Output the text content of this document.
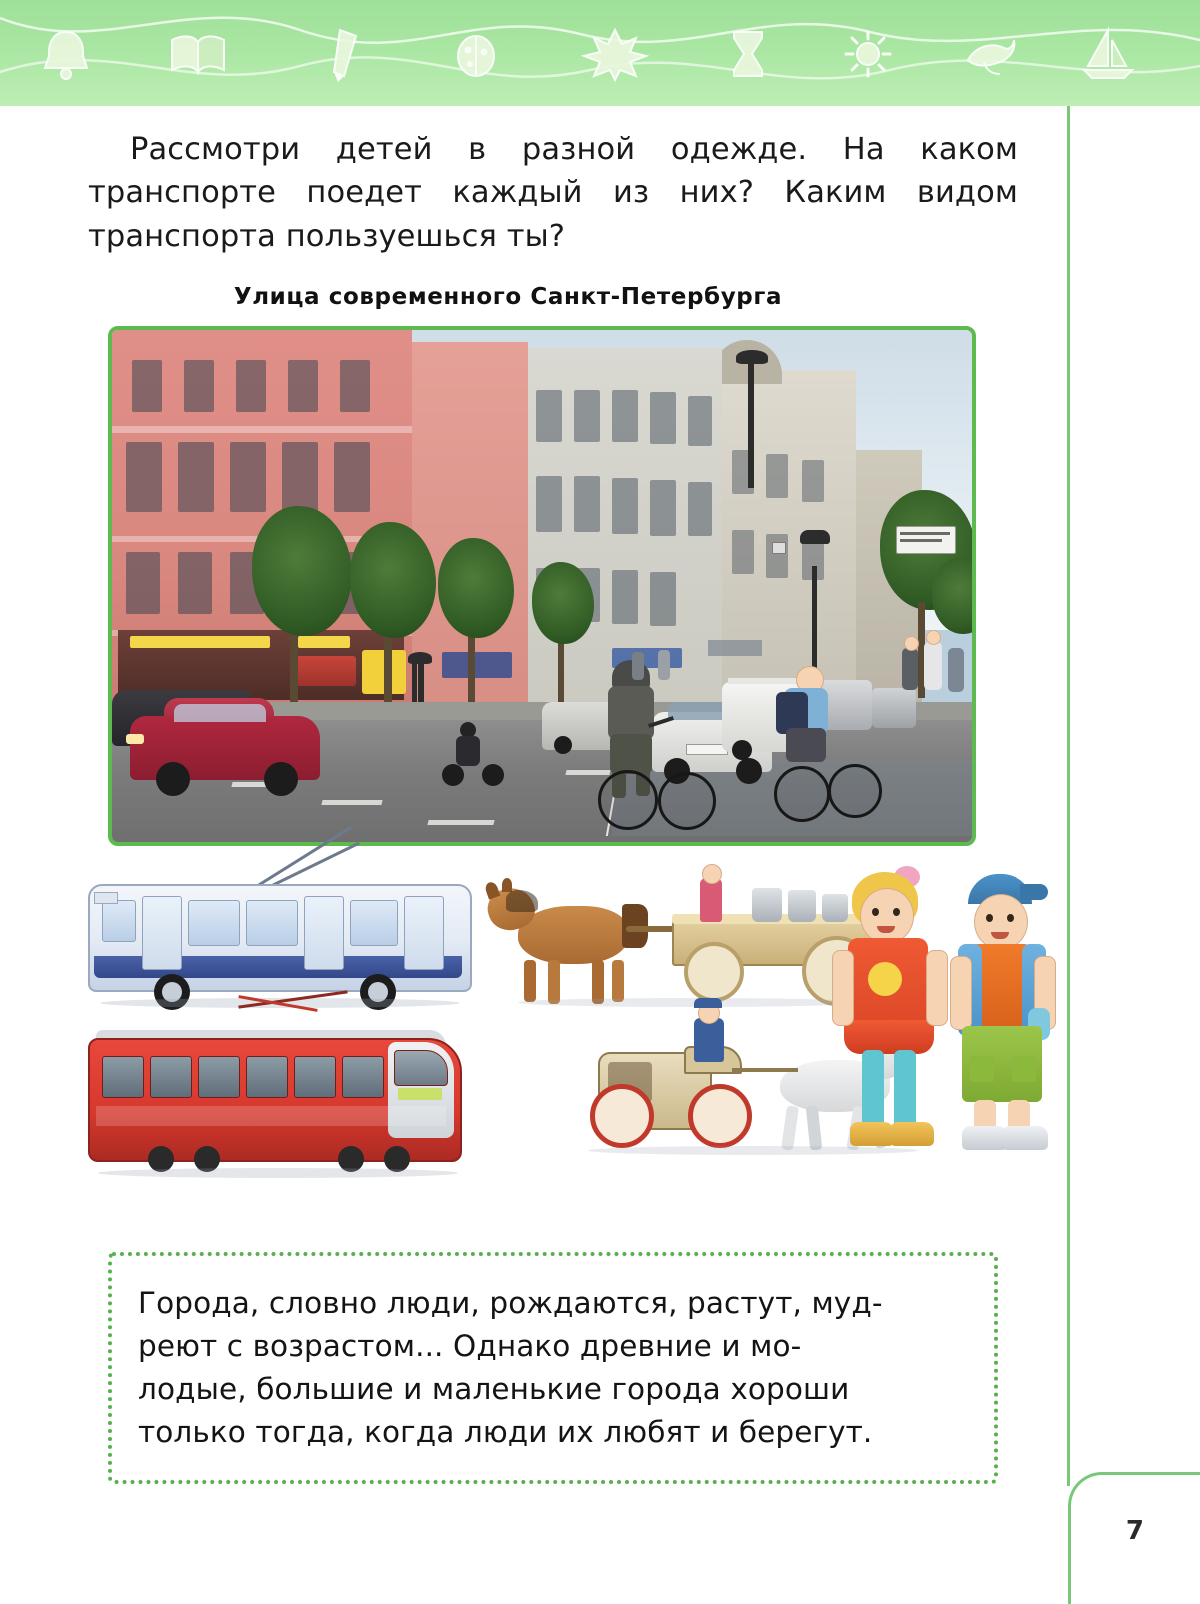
Рассмотри детей в разной одежде. На каком транспорте поедет каждый из них? Каким видом транспорта пользуешься ты?

Улица современного Санкт-Петербурга

Города, словно люди, рождаются, растут, муд-
реют с возрастом... Однако древние и мо-
лодые, большие и маленькие города хороши
только тогда, когда люди их любят и берегут.

7
